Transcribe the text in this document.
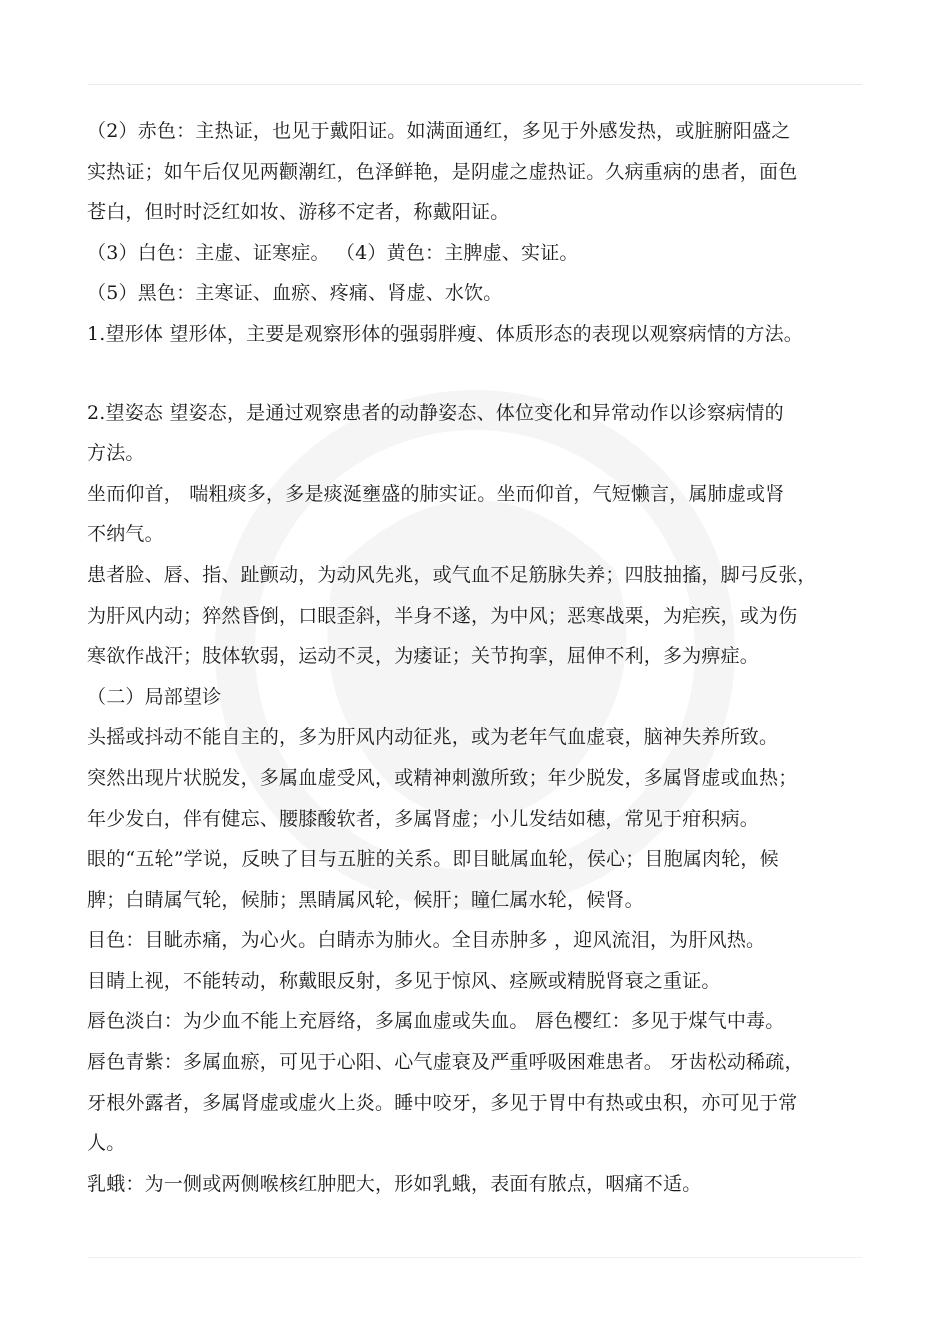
（2）赤色：主热证，也见于戴阳证。如满面通红，多见于外感发热，或脏腑阳盛之
实热证；如午后仅见两颧潮红，色泽鲜艳，是阴虚之虚热证。久病重病的患者，面色
苍白，但时时泛红如妆、游移不定者，称戴阳证。
（3）白色：主虚、证寒症。 （4）黄色：主脾虚、实证。
（5）黑色：主寒证、血瘀、疼痛、肾虚、水饮。
1.望形体 望形体，主要是观察形体的强弱胖瘦、体质形态的表现以观察病情的方法。
2.望姿态 望姿态，是通过观察患者的动静姿态、体位变化和异常动作以诊察病情的
方法。
坐而仰首， 喘粗痰多，多是痰涎壅盛的肺实证。坐而仰首，气短懒言，属肺虚或肾
不纳气。
患者脸、唇、指、趾颤动，为动风先兆，或气血不足筋脉失养；四肢抽搐，脚弓反张，
为肝风内动；猝然昏倒，口眼歪斜，半身不遂，为中风；恶寒战栗，为疟疾，或为伤
寒欲作战汗；肢体软弱，运动不灵，为痿证；关节拘挛，屈伸不利，多为痹症。
（二）局部望诊
头摇或抖动不能自主的，多为肝风内动征兆，或为老年气血虚衰，脑神失养所致。
突然出现片状脱发，多属血虚受风，或精神刺激所致；年少脱发，多属肾虚或血热；
年少发白，伴有健忘、腰膝酸软者，多属肾虚；小儿发结如穗，常见于疳积病。
眼的“五轮”学说，反映了目与五脏的关系。即目眦属血轮，侯心；目胞属肉轮，候
脾；白睛属气轮，候肺；黑睛属风轮，候肝；瞳仁属水轮，候肾。
目色：目眦赤痛，为心火。白睛赤为肺火。全目赤肿多 ，迎风流泪，为肝风热。
目睛上视，不能转动，称戴眼反射，多见于惊风、痉厥或精脱肾衰之重证。
唇色淡白：为少血不能上充唇络，多属血虚或失血。 唇色樱红：多见于煤气中毒。
唇色青紫：多属血瘀，可见于心阳、心气虚衰及严重呼吸困难患者。 牙齿松动稀疏，
牙根外露者，多属肾虚或虚火上炎。睡中咬牙，多见于胃中有热或虫积，亦可见于常
人。
乳蛾：为一侧或两侧喉核红肿肥大，形如乳蛾，表面有脓点，咽痛不适。
